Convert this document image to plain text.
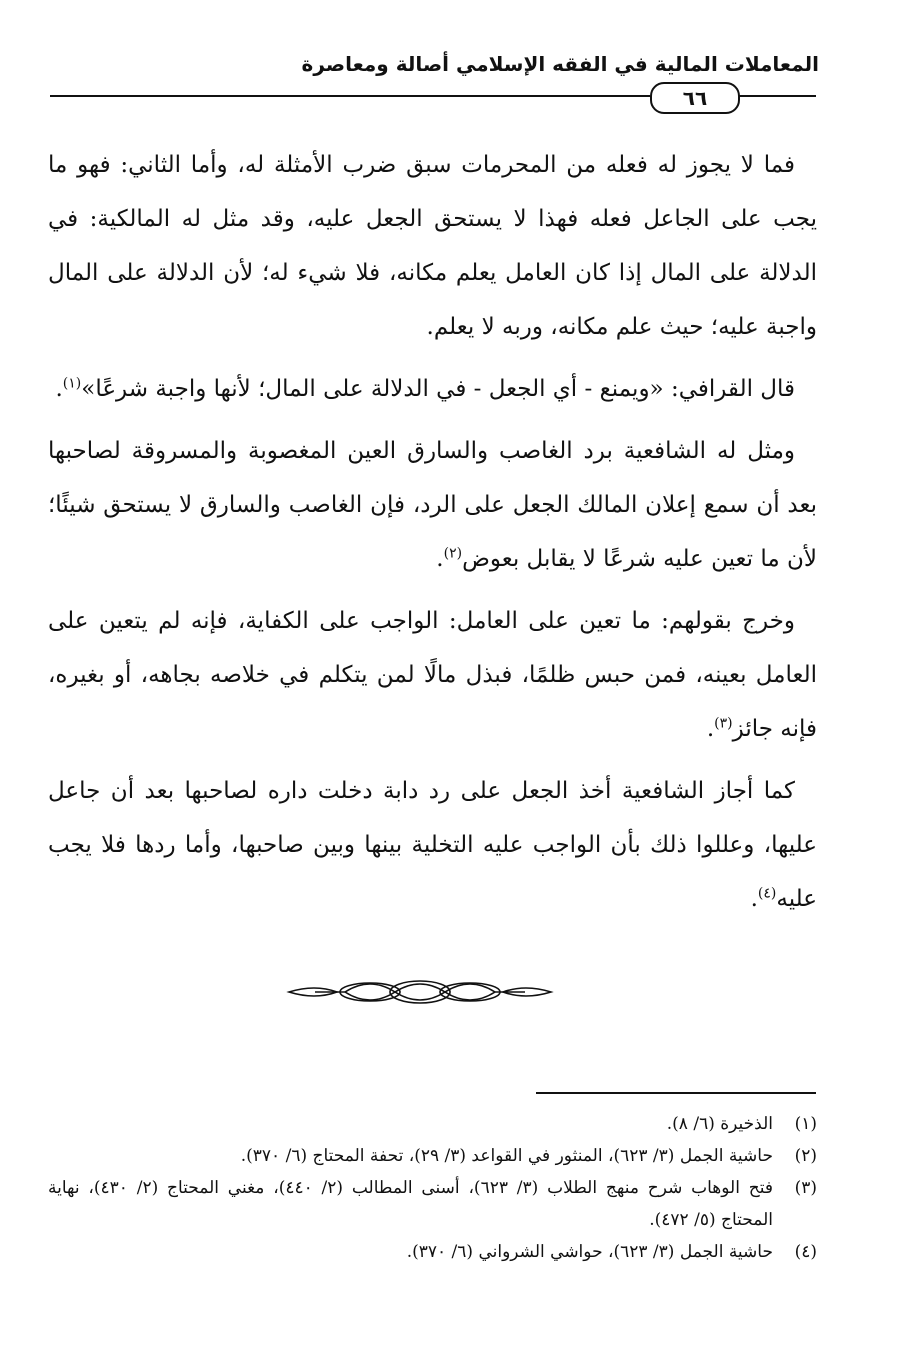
المعاملات المالية في الفقه الإسلامي أصالة ومعاصرة
٦٦

فما لا يجوز له فعله من المحرمات سبق ضرب الأمثلة له، وأما الثاني: فهو ما يجب على الجاعل فعله فهذا لا يستحق الجعل عليه، وقد مثل له المالكية: في الدلالة على المال إذا كان العامل يعلم مكانه، فلا شيء له؛ لأن الدلالة على المال واجبة عليه؛ حيث علم مكانه، وربه لا يعلم.

قال القرافي: «ويمنع - أي الجعل - في الدلالة على المال؛ لأنها واجبة شرعًا»$^{(١)}$.

ومثل له الشافعية برد الغاصب والسارق العين المغصوبة والمسروقة لصاحبها بعد أن سمع إعلان المالك الجعل على الرد، فإن الغاصب والسارق لا يستحق شيئًا؛ لأن ما تعين عليه شرعًا لا يقابل بعوض$^{(٢)}$.

وخرج بقولهم: ما تعين على العامل: الواجب على الكفاية، فإنه لم يتعين على العامل بعينه، فمن حبس ظلمًا، فبذل مالًا لمن يتكلم في خلاصه بجاهه، أو بغيره، فإنه جائز$^{(٣)}$.

كما أجاز الشافعية أخذ الجعل على رد دابة دخلت داره لصاحبها بعد أن جاعل عليها، وعللوا ذلك بأن الواجب عليه التخلية بينها وبين صاحبها، وأما ردها فلا يجب عليه$^{(٤)}$.

(١)
الذخيرة (٦/ ٨).
(٢)
حاشية الجمل (٣/ ٦٢٣)، المنثور في القواعد (٣/ ٢٩)، تحفة المحتاج (٦/ ٣٧٠).
(٣)
فتح الوهاب شرح منهج الطلاب (٣/ ٦٢٣)، أسنى المطالب (٢/ ٤٤٠)، مغني المحتاج (٢/ ٤٣٠)، نهاية المحتاج (٥/ ٤٧٢).
(٤)
حاشية الجمل (٣/ ٦٢٣)، حواشي الشرواني (٦/ ٣٧٠).
